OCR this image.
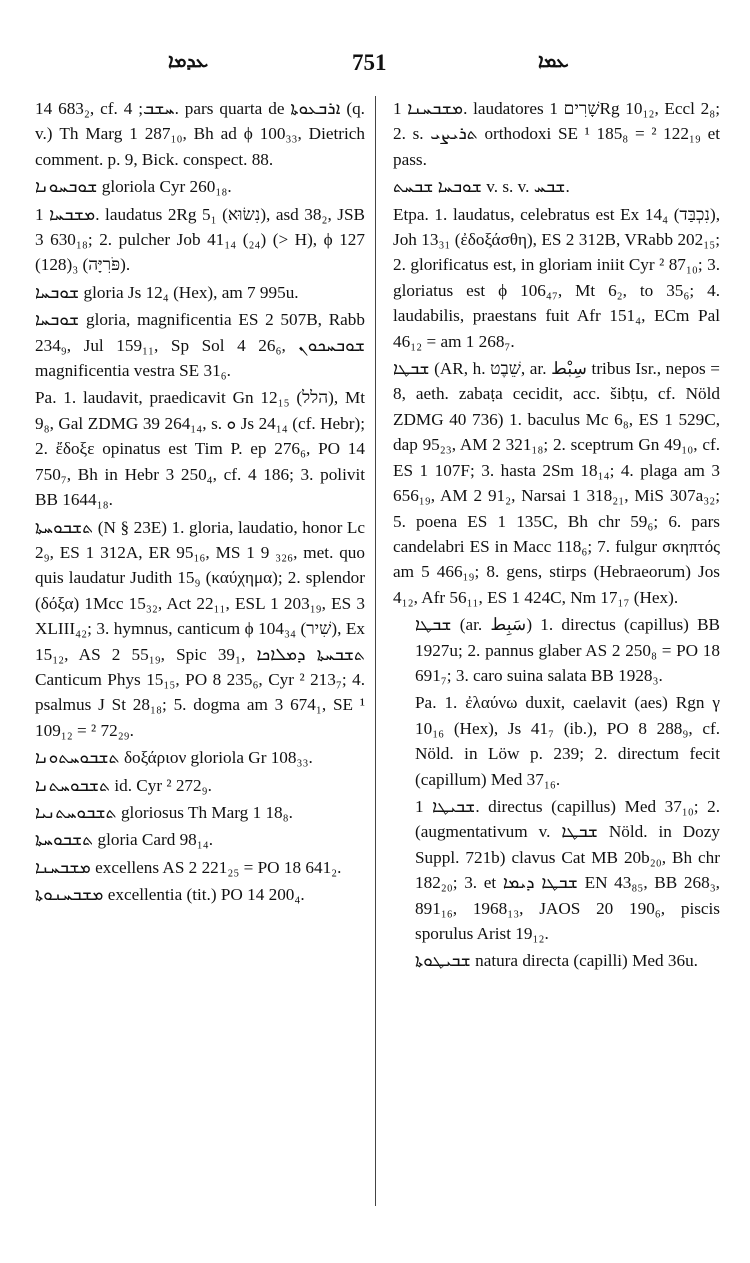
ܥܕܡܐ	751	ܥܡܐ

14 683₂, cf. ܚܫܒ; 4. pars quarta de ܐܪܒܥܘܬܐ (q. v.) Th Marg 1 287₁₀, Bh ad ϕ 100₃₃, Dietrich comment. p. 9, Bick. conspect. 88.

ܫܘܒܚܘܢܐ gloriola Cyr 260₁₈.

ܡܫܒܚܐ 1. laudatus 2Rg 5₁ (נִשׂוּא), asd 38₂, JSB 3 630₁₈; 2. pulcher Job 41₁₄ (₂₄) (> H), ϕ 127 (128)₃ (פֹּרִיָּה).

ܫܘܒܚܐ gloria Js 12₄ (Hex), am 7 995u.

ܫܘܒܚܐ gloria, magnificentia ES 2 507B, Rabb 234₉, Jul 159₁₁, Sp Sol 4 26₆, ܫܘܒܚܟܘܢ magnificentia vestra SE 31₆.

Pa. 1. laudavit, praedicavit Gn 12₁₅ (הלל), Mt 9₈, Gal ZDMG 39 264₁₄, s. ܘ Js 24₁₄ (cf. Hebr); 2. ἔδοξε opinatus est Tim P. ep 276₆, PO 14 750₇, Bh in Hebr 3 250₄, cf. 4 186; 3. polivit BB 1644₁₈.

ܬܫܒܘܚܬܐ (N § 23E) 1. gloria, laudatio, honor Lc 2₉, ES 1 312A, ER 95₁₆, MS 1 9 ₃₂₆, met. quo quis laudatur Judith 15₉ (καύχημα); 2. splendor (δόξα) 1Mcc 15₃₂, Act 22₁₁, ESL 1 203₁₉, ES 3 XLIII₄₂; 3. hymnus, canticum ϕ 104₃₄ (שִׁיר), Ex 15₁₂, AS 2 55₁₉, Spic 39₁, ܬܫܒܚܬܐ ܕܡܠܐܟܐ Canticum Phys 15₁₅, PO 8 235₆, Cyr ² 213₇; 4. psalmus J St 28₁₈; 5. dogma am 3 674₁, SE ¹ 109₁₂ = ² 72₂₉.

ܬܫܒܘܚܬܘܢܐ δοξάριον gloriola Gr 108₃₃.

ܬܫܒܘܚܬܢܐ id. Cyr ² 272₉.

ܬܫܒܘܚܬܢܝܐ gloriosus Th Marg 1 18₈.

ܬܫܒܘܚܬܐ gloria Card 98₁₄.

ܡܫܒܚܢܐ excellens AS 2 221₂₅ = PO 18 641₂.

ܡܫܒܚܢܘܬܐ excellentia (tit.) PO 14 200₄.

ܡܫܒܚܢܐ 1. laudatores שָׁרִים 1Rg 10₁₂, Eccl 2₈; 2. s. ܬܪܝܨܝ orthodoxi SE ¹ 185₈ = ² 122₁₉ et pass.

ܫܘܒܚܐ ܫܒܚܬ v. s. v. ܫܒܚ.

Etpa. 1. laudatus, celebratus est Ex 14₄ (נִכְבַּד), Joh 13₃₁ (ἐδοξάσθη), ES 2 312B, VRabb 202₁₅; 2. glorificatus est, in gloriam iniit Cyr ² 87₁₀; 3. gloriatus est ϕ 106₄₇, Mt 6₂, to 35₆; 4. laudabilis, praestans fuit Afr 151₄, ECm Pal 46₁₂ = am 1 268₇.

ܫܒܛܐ (AR, h. שֵׁבֶט, ar. سِبْط tribus Isr., nepos = 8, aeth. zabaṭa cecidit, acc. šibṭu, cf. Nöld ZDMG 40 736) 1. baculus Mc 6₈, ES 1 529C, dap 95₂₃, AM 2 321₁₈; 2. sceptrum Gn 49₁₀, cf. ES 1 107F; 3. hasta 2Sm 18₁₄; 4. plaga am 3 656₁₉, AM 2 91₂, Narsai 1 318₂₁, MiS 307a₃₂; 5. poena ES 1 135C, Bh chr 59₆; 6. pars candelabri ES in Macc 118₆; 7. fulgur σκηπτός am 5 466₁₉; 8. gens, stirps (Hebraeorum) Jos 4₁₂, Afr 56₁₁, ES 1 424C, Nm 17₁₇ (Hex).

ܫܒܛܐ (ar. سَبِط) 1. directus (capillus) BB 1927u; 2. pannus glaber AS 2 250₈ = PO 18 691₇; 3. caro suina salata BB 1928₃.

Pa. 1. ἐλαύνω duxit, caelavit (aes) Rgn γ 10₁₆ (Hex), Js 41₇ (ib.), PO 8 288₉, cf. Nöld. in Löw p. 239; 2. directum fecit (capillum) Med 37₁₆.

ܫܒܝܛܐ 1. directus (capillus) Med 37₁₀; 2. (augmentativum v. ܫܒܛܐ Nöld. in Dozy Suppl. 721b) clavus Cat MB 20b₂₀, Bh chr 182₂₀; 3. et ܫܒܛܐ ܕܝܡܐ EN 43₈₅, BB 268₃, 891₁₆, 1968₁₃, JAOS 20 190₆, piscis sporulus Arist 19₁₂.

ܫܒܝܛܘܬܐ natura directa (capilli) Med 36u.
